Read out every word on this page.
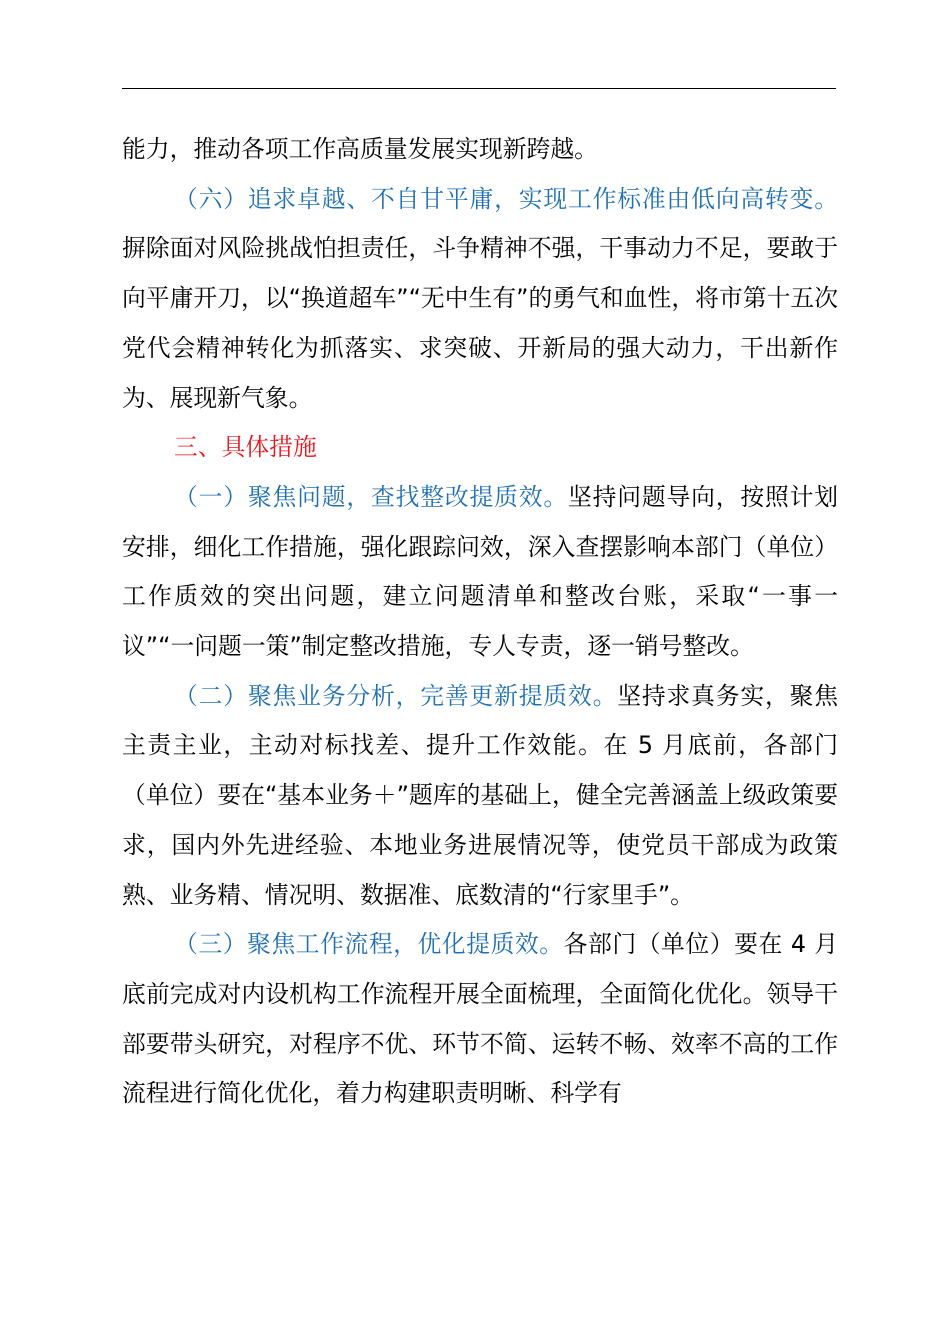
能力，推动各项工作高质量发展实现新跨越。

（六）追求卓越、不自甘平庸，实现工作标准由低向高转变。摒除面对风险挑战怕担责任，斗争精神不强，干事动力不足，要敢于向平庸开刀，以“换道超车”“无中生有”的勇气和血性，将市第十五次党代会精神转化为抓落实、求突破、开新局的强大动力，干出新作为、展现新气象。

三、具体措施

（一）聚焦问题，查找整改提质效。坚持问题导向，按照计划安排，细化工作措施，强化跟踪问效，深入查摆影响本部门（单位）工作质效的突出问题，建立问题清单和整改台账，采取“一事一议”“一问题一策”制定整改措施，专人专责，逐一销号整改。

（二）聚焦业务分析，完善更新提质效。坚持求真务实，聚焦主责主业，主动对标找差、提升工作效能。在 5 月底前，各部门（单位）要在“基本业务＋”题库的基础上，健全完善涵盖上级政策要求，国内外先进经验、本地业务进展情况等，使党员干部成为政策熟、业务精、情况明、数据准、底数清的“行家里手”。

（三）聚焦工作流程，优化提质效。各部门（单位）要在 4 月底前完成对内设机构工作流程开展全面梳理，全面简化优化。领导干部要带头研究，对程序不优、环节不简、运转不畅、效率不高的工作流程进行简化优化，着力构建职责明晰、科学有
